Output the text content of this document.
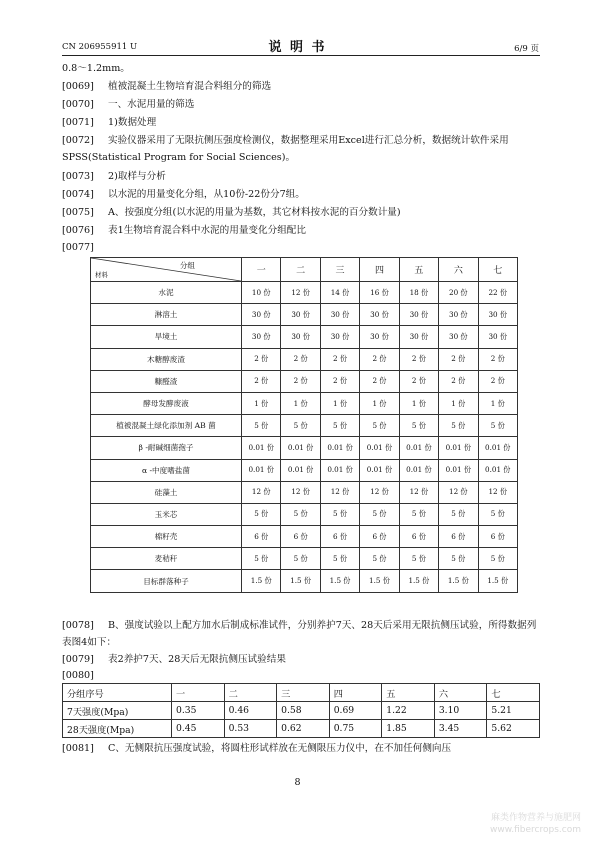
CN 206955911 U	说 明 书	6/9 页
0.8～1.2mm。
[0069] 植被混凝土生物培育混合料组分的筛选
[0070] 一、水泥用量的筛选
[0071] 1)数据处理
[0072] 实验仪器采用了无限抗侧压强度检测仪，数据整理采用Excel进行汇总分析，数据统计软件采用SPSS(Statistical Program for Social Sciences)。
[0073] 2)取样与分析
[0074] 以水泥的用量变化分组，从10份-22份分7组。
[0075] A、按强度分组(以水泥的用量为基数，其它材料按水泥的百分数计量)
[0076] 表1生物培育混合料中水泥的用量变化分组配比
[0077]
分组
材料	一	二	三	四	五	六	七
水泥	10 份	12 份	14 份	16 份	18 份	20 份	22 份
淋溶土	30 份	30 份	30 份	30 份	30 份	30 份	30 份
旱境土	30 份	30 份	30 份	30 份	30 份	30 份	30 份
木糖醇废渣	2 份	2 份	2 份	2 份	2 份	2 份	2 份
糠醛渣	2 份	2 份	2 份	2 份	2 份	2 份	2 份
酵母发酵废液	1 份	1 份	1 份	1 份	1 份	1 份	1 份
植被混凝土绿化添加剂 AB 菌	5 份	5 份	5 份	5 份	5 份	5 份	5 份
β -耐碱细菌孢子	0.01 份	0.01 份	0.01 份	0.01 份	0.01 份	0.01 份	0.01 份
α -中度嗜盐菌	0.01 份	0.01 份	0.01 份	0.01 份	0.01 份	0.01 份	0.01 份
硅藻土	12 份	12 份	12 份	12 份	12 份	12 份	12 份
玉米芯	5 份	5 份	5 份	5 份	5 份	5 份	5 份
棉籽壳	6 份	6 份	6 份	6 份	6 份	6 份	6 份
麦秸秆	5 份	5 份	5 份	5 份	5 份	5 份	5 份
目标群落种子	1.5 份	1.5 份	1.5 份	1.5 份	1.5 份	1.5 份	1.5 份
[0078] B、强度试验以上配方加水后制成标准试件，分别养护7天、28天后采用无限抗侧压试验，所得数据列表图4如下：
[0079] 表2养护7天、28天后无限抗侧压试验结果
[0080]
分组序号	一	二	三	四	五	六	七
7天强度(Mpa)	0.35	0.46	0.58	0.69	1.22	3.10	5.21
28天强度(Mpa)	0.45	0.53	0.62	0.75	1.85	3.45	5.62
[0081] C、无侧限抗压强度试验，将圆柱形试样放在无侧限压力仪中，在不加任何侧向压
8
麻类作物营养与施肥网
www.fibercrops.com
